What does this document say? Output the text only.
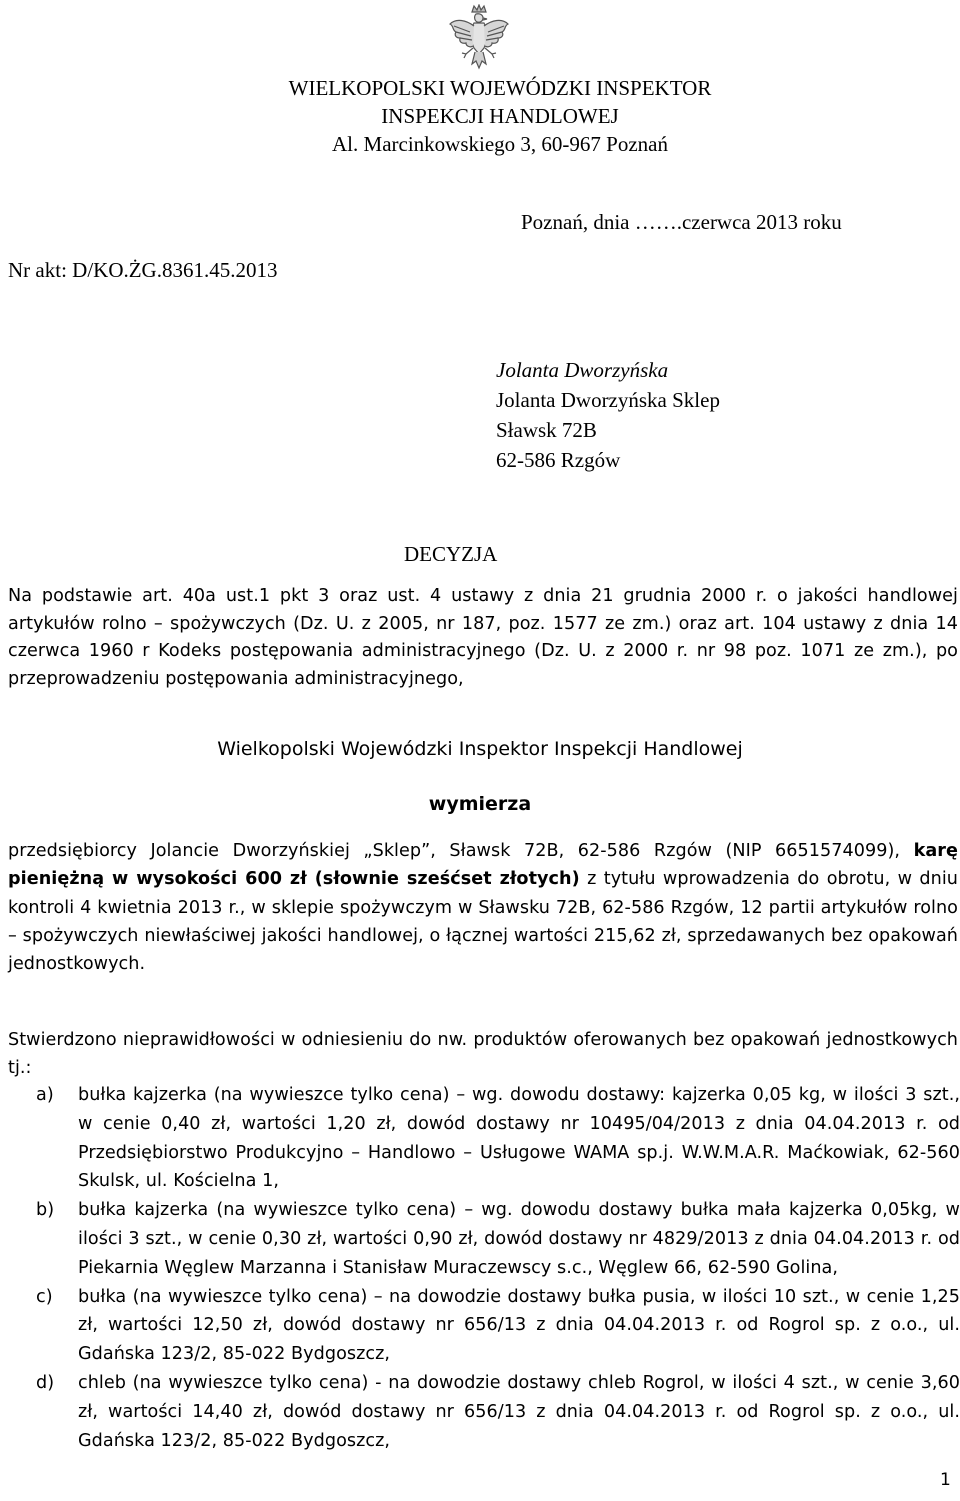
WIELKOPOLSKI WOJEWÓDZKI INSPEKTOR
INSPEKCJI HANDLOWEJ
Al. Marcinkowskiego 3, 60-967 Poznań
Poznań, dnia …….czerwca 2013 roku
Nr akt: D/KO.ŻG.8361.45.2013
Jolanta Dworzyńska
Jolanta Dworzyńska Sklep
Sławsk 72B
62-586 Rzgów
DECYZJA

Na podstawie art. 40a ust.1 pkt 3 oraz ust. 4 ustawy z dnia 21 grudnia 2000 r. o jakości handlowej artykułów rolno – spożywczych (Dz. U. z 2005, nr 187, poz. 1577 ze zm.) oraz art. 104 ustawy z dnia 14 czerwca 1960 r Kodeks postępowania administracyjnego (Dz. U. z 2000 r. nr 98 poz. 1071 ze zm.), po przeprowadzeniu postępowania administracyjnego,

Wielkopolski Wojewódzki Inspektor Inspekcji Handlowej
wymierza

przedsiębiorcy Jolancie Dworzyńskiej „Sklep”, Sławsk 72B, 62-586 Rzgów (NIP 6651574099), karę pieniężną w wysokości 600 zł (słownie sześćset złotych) z tytułu wprowadzenia do obrotu, w dniu kontroli 4 kwietnia 2013 r., w sklepie spożywczym w Sławsku 72B, 62-586 Rzgów, 12 partii artykułów rolno – spożywczych niewłaściwej jakości handlowej, o łącznej wartości 215,62 zł, sprzedawanych bez opakowań jednostkowych.

Stwierdzono nieprawidłowości w odniesieniu do nw. produktów oferowanych bez opakowań jednostkowych tj.:

a) bułka kajzerka (na wywieszce tylko cena) – wg. dowodu dostawy: kajzerka 0,05 kg, w ilości 3 szt., w cenie 0,40 zł, wartości 1,20 zł, dowód dostawy nr 10495/04/2013 z dnia 04.04.2013 r. od Przedsiębiorstwo Produkcyjno – Handlowo – Usługowe WAMA sp.j. W.W.M.A.R. Maćkowiak, 62-560 Skulsk, ul. Kościelna 1,

b) bułka kajzerka (na wywieszce tylko cena) – wg. dowodu dostawy bułka mała kajzerka 0,05kg, w ilości 3 szt., w cenie 0,30 zł, wartości 0,90 zł, dowód dostawy nr 4829/2013 z dnia 04.04.2013 r. od Piekarnia Węglew Marzanna i Stanisław Muraczewscy s.c., Węglew 66, 62-590 Golina,

c) bułka (na wywieszce tylko cena) – na dowodzie dostawy bułka pusia, w ilości 10 szt., w cenie 1,25 zł, wartości 12,50 zł, dowód dostawy nr 656/13 z dnia 04.04.2013 r. od Rogrol sp. z o.o., ul. Gdańska 123/2, 85-022 Bydgoszcz,

d) chleb (na wywieszce tylko cena) - na dowodzie dostawy chleb Rogrol, w ilości 4 szt., w cenie 3,60 zł, wartości 14,40 zł, dowód dostawy nr 656/13 z dnia 04.04.2013 r. od Rogrol sp. z o.o., ul. Gdańska 123/2, 85-022 Bydgoszcz,

1
